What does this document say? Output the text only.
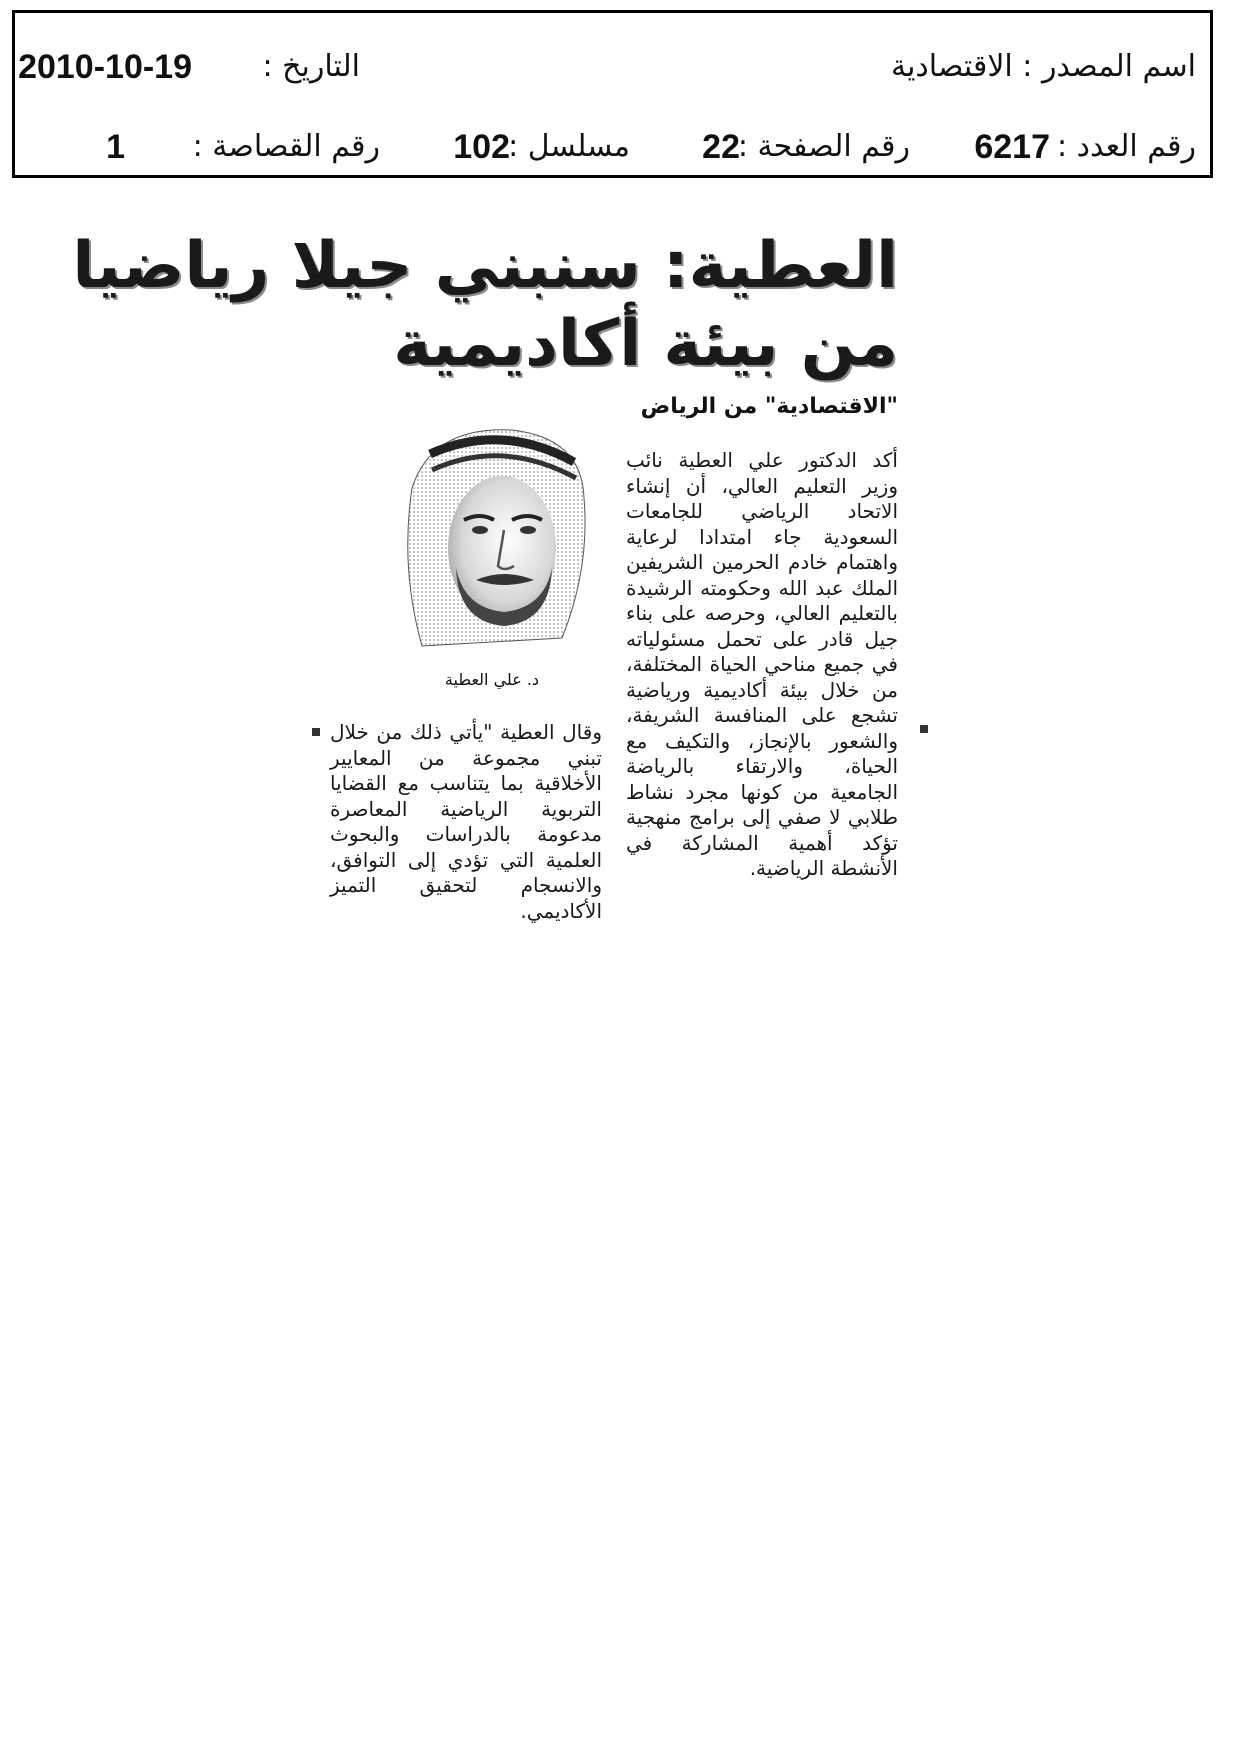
اسم المصدر : الاقتصادية
التاريخ :
2010-10-19
رقم العدد :
6217
رقم الصفحة :
22
مسلسل :
102
رقم القصاصة :
1
العطية: سنبني جيلا رياضيا
من بيئة أكاديمية
"الاقتصادية" من الرياض
أكد الدكتور علي العطية نائب وزير التعليم العالي، أن إنشاء الاتحاد الرياضي للجامعات السعودية جاء امتدادا لرعاية واهتمام خادم الحرمين الشريفين الملك عبد الله وحكومته الرشيدة بالتعليم العالي، وحرصه على بناء جيل قادر على تحمل مسئولياته في جميع مناحي الحياة المختلفة، من خلال بيئة أكاديمية ورياضية تشجع على المنافسة الشريفة، والشعور بالإنجاز، والتكيف مع الحياة، والارتقاء بالرياضة الجامعية من كونها مجرد نشاط طلابي لا صفي إلى برامج منهجية تؤكد أهمية المشاركة في الأنشطة الرياضية.
د. علي العطية
وقال العطية "يأتي ذلك من خلال تبني مجموعة من المعايير الأخلاقية بما يتناسب مع القضايا التربوية الرياضية المعاصرة مدعومة بالدراسات والبحوث العلمية التي تؤدي إلى التوافق، والانسجام لتحقيق التميز الأكاديمي.
